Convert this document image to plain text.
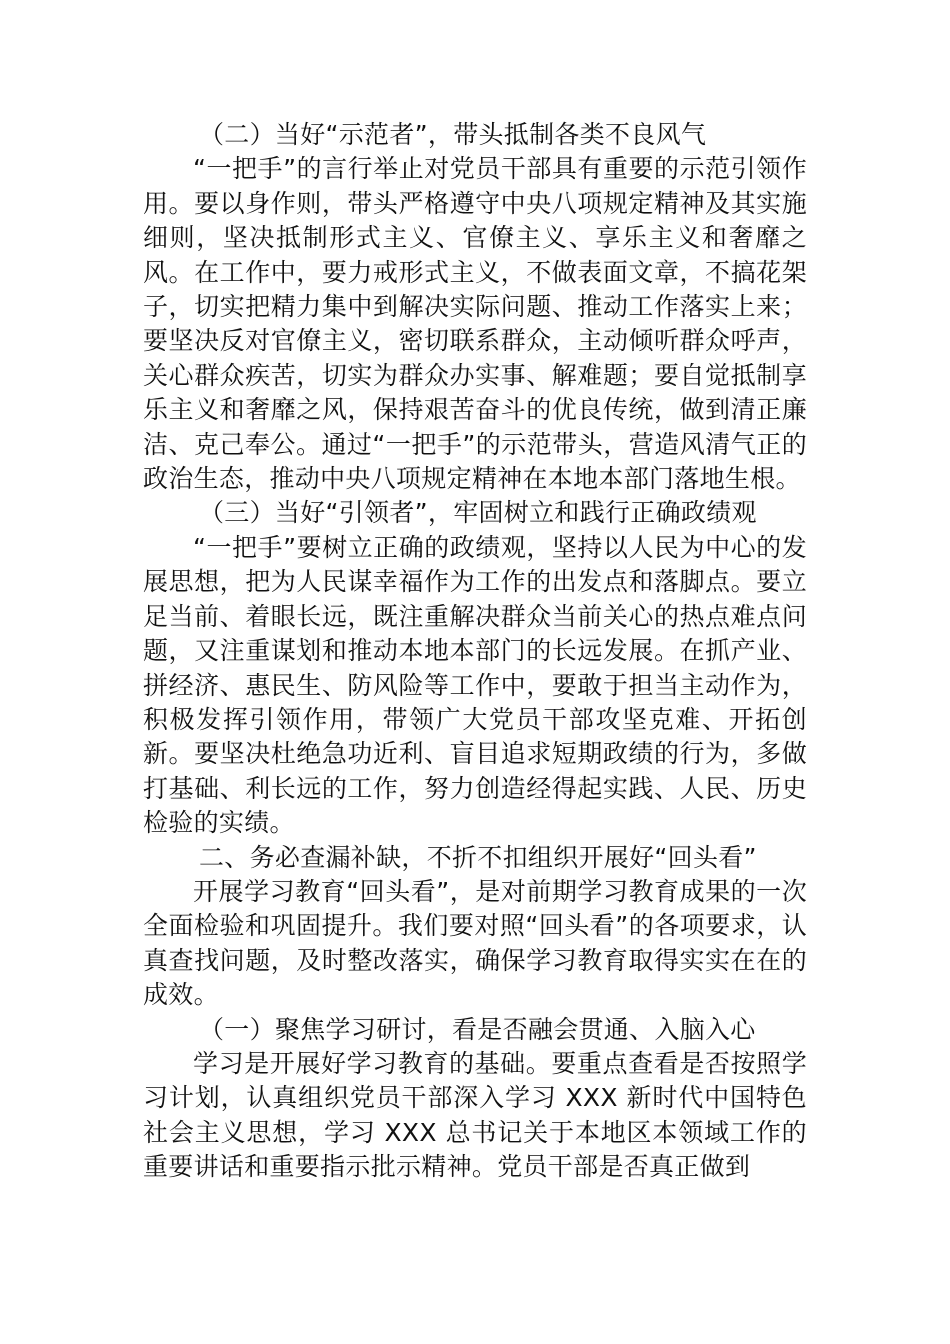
（二）当好“示范者”，带头抵制各类不良风气

“一把手”的言行举止对党员干部具有重要的示范引领作用。要以身作则，带头严格遵守中央八项规定精神及其实施细则，坚决抵制形式主义、官僚主义、享乐主义和奢靡之风。在工作中，要力戒形式主义，不做表面文章，不搞花架子，切实把精力集中到解决实际问题、推动工作落实上来；要坚决反对官僚主义，密切联系群众，主动倾听群众呼声，关心群众疾苦，切实为群众办实事、解难题；要自觉抵制享乐主义和奢靡之风，保持艰苦奋斗的优良传统，做到清正廉洁、克己奉公。通过“一把手”的示范带头，营造风清气正的政治生态，推动中央八项规定精神在本地本部门落地生根。

（三）当好“引领者”，牢固树立和践行正确政绩观

“一把手”要树立正确的政绩观，坚持以人民为中心的发展思想，把为人民谋幸福作为工作的出发点和落脚点。要立足当前、着眼长远，既注重解决群众当前关心的热点难点问题，又注重谋划和推动本地本部门的长远发展。在抓产业、拼经济、惠民生、防风险等工作中，要敢于担当主动作为，积极发挥引领作用，带领广大党员干部攻坚克难、开拓创新。要坚决杜绝急功近利、盲目追求短期政绩的行为，多做打基础、利长远的工作，努力创造经得起实践、人民、历史检验的实绩。

二、务必查漏补缺，不折不扣组织开展好“回头看”

开展学习教育“回头看”，是对前期学习教育成果的一次全面检验和巩固提升。我们要对照“回头看”的各项要求，认真查找问题，及时整改落实，确保学习教育取得实实在在的成效。

（一）聚焦学习研讨，看是否融会贯通、入脑入心

学习是开展好学习教育的基础。要重点查看是否按照学习计划，认真组织党员干部深入学习 XXX 新时代中国特色社会主义思想，学习 XXX 总书记关于本地区本领域工作的重要讲话和重要指示批示精神。党员干部是否真正做到
